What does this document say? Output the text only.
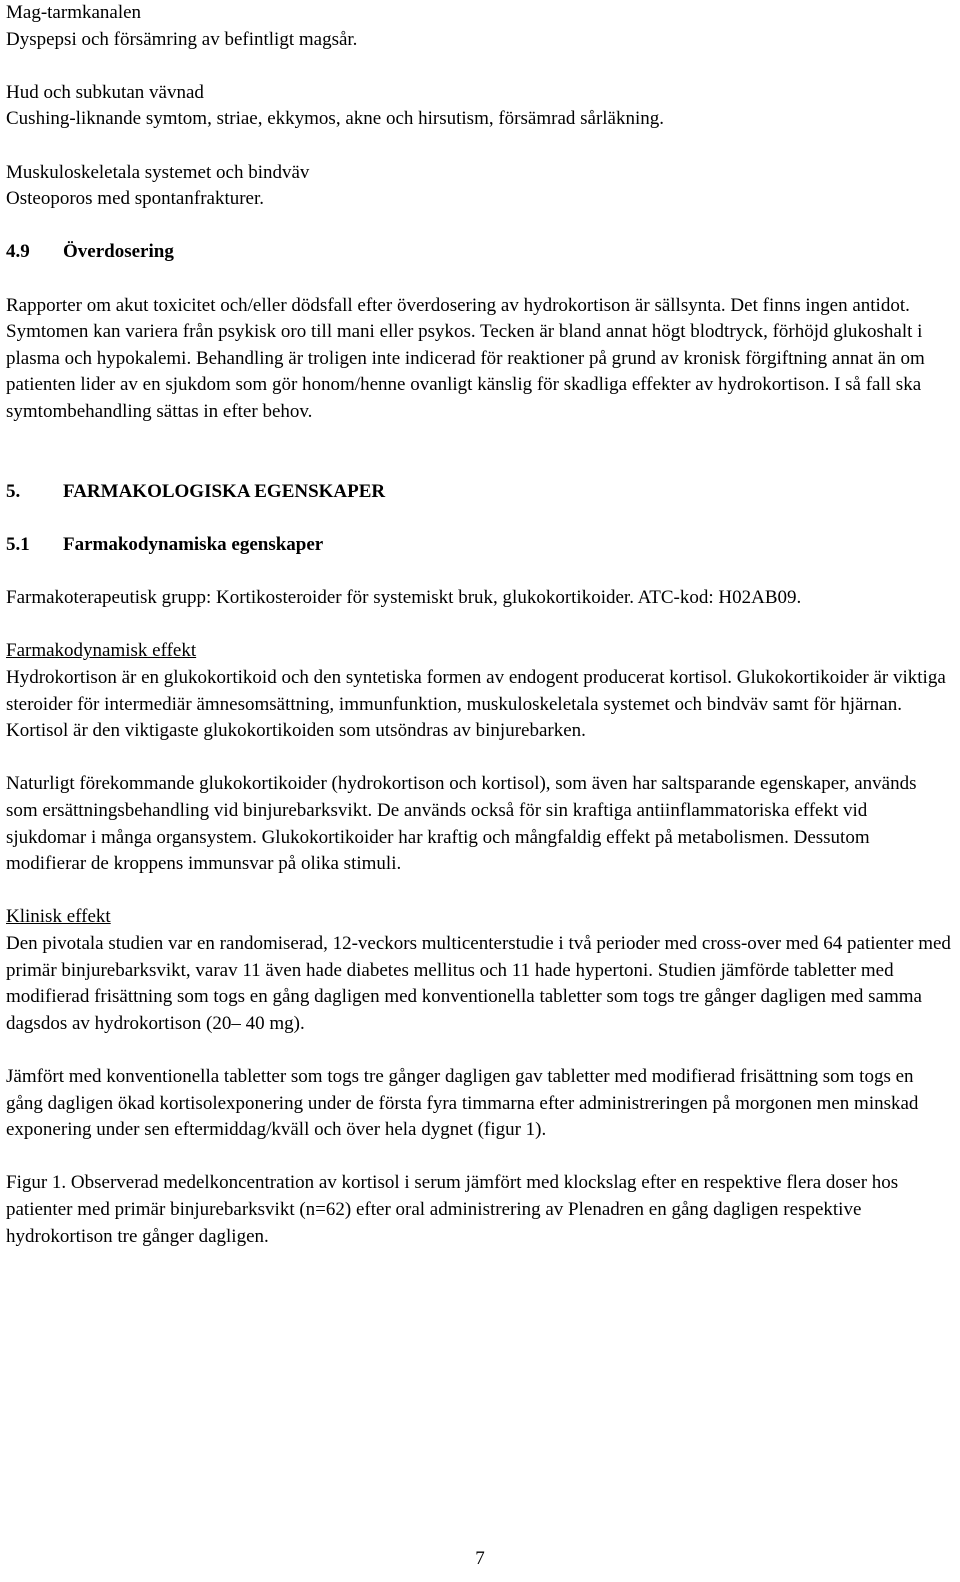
Mag-tarmkanalen

Dyspepsi och försämring av befintligt magsår.

Hud och subkutan vävnad

Cushing-liknande symtom, striae, ekkymos, akne och hirsutism, försämrad sårläkning.

Muskuloskeletala systemet och bindväv

Osteoporos med spontanfrakturer.

4.9 Överdosering

Rapporter om akut toxicitet och/eller dödsfall efter överdosering av hydrokortison är sällsynta. Det finns ingen antidot. Symtomen kan variera från psykisk oro till mani eller psykos. Tecken är bland annat högt blodtryck, förhöjd glukoshalt i plasma och hypokalemi. Behandling är troligen inte indicerad för reaktioner på grund av kronisk förgiftning annat än om patienten lider av en sjukdom som gör honom/henne ovanligt känslig för skadliga effekter av hydrokortison. I så fall ska symtombehandling sättas in efter behov.

5. FARMAKOLOGISKA EGENSKAPER

5.1 Farmakodynamiska egenskaper

Farmakoterapeutisk grupp: Kortikosteroider för systemiskt bruk, glukokortikoider. ATC-kod: H02AB09.

Farmakodynamisk effekt

Hydrokortison är en glukokortikoid och den syntetiska formen av endogent producerat kortisol. Glukokortikoider är viktiga steroider för intermediär ämnesomsättning, immunfunktion, muskuloskeletala systemet och bindväv samt för hjärnan. Kortisol är den viktigaste glukokortikoiden som utsöndras av binjurebarken.

Naturligt förekommande glukokortikoider (hydrokortison och kortisol), som även har saltsparande egenskaper, används som ersättningsbehandling vid binjurebarksvikt. De används också för sin kraftiga antiinflammatoriska effekt vid sjukdomar i många organsystem. Glukokortikoider har kraftig och mångfaldig effekt på metabolismen. Dessutom modifierar de kroppens immunsvar på olika stimuli.

Klinisk effekt

Den pivotala studien var en randomiserad, 12-veckors multicenterstudie i två perioder med cross-over med 64 patienter med primär binjurebarksvikt, varav 11 även hade diabetes mellitus och 11 hade hypertoni. Studien jämförde tabletter med modifierad frisättning som togs en gång dagligen med konventionella tabletter som togs tre gånger dagligen med samma dagsdos av hydrokortison (20– 40 mg).

Jämfört med konventionella tabletter som togs tre gånger dagligen gav tabletter med modifierad frisättning som togs en gång dagligen ökad kortisolexponering under de första fyra timmarna efter administreringen på morgonen men minskad exponering under sen eftermiddag/kväll och över hela dygnet (figur 1).

Figur 1. Observerad medelkoncentration av kortisol i serum jämfört med klockslag efter en respektive flera doser hos patienter med primär binjurebarksvikt (n=62) efter oral administrering av Plenadren en gång dagligen respektive hydrokortison tre gånger dagligen.

7
